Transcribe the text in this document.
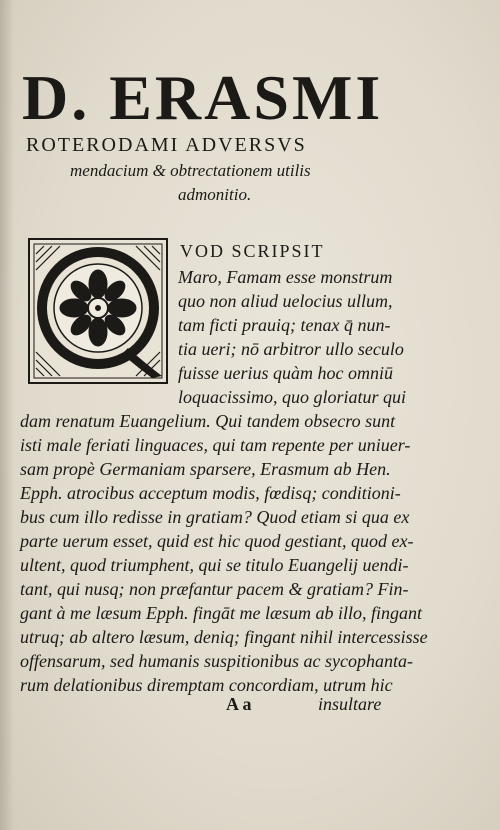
D. ERASMI
ROTERODAMI ADVERSVS
mendacium & obtrectationem utilis
admonitio.
VOD SCRIPSIT
Maro, Famam esse monstrum
quo non aliud uelocius ullum,
tam ficti prauiq; tenax q̄ nun-
tia ueri; nō arbitror ullo seculo
fuisse uerius quàm hoc omniū
loquacissimo, quo gloriatur qui
dam renatum Euangelium. Qui tandem obsecro sunt
isti male feriati linguaces, qui tam repente per uniuer-
sam propè Germaniam sparsere, Erasmum ab Hen.
Epph. atrocibus acceptum modis, fœdisq; conditioni-
bus cum illo redisse in gratiam? Quod etiam si qua ex
parte uerum esset, quid est hic quod gestiant, quod ex-
ultent, quod triumphent, qui se titulo Euangelij uendi-
tant, qui nusq; non præfantur pacem & gratiam? Fin-
gant à me læsum Epph. fingāt me læsum ab illo, fingant
utruq; ab altero læsum, deniq; fingant nihil intercessisse
offensarum, sed humanis suspitionibus ac sycophanta-
rum delationibus diremptam concordiam, utrum hic
A a	insultare
